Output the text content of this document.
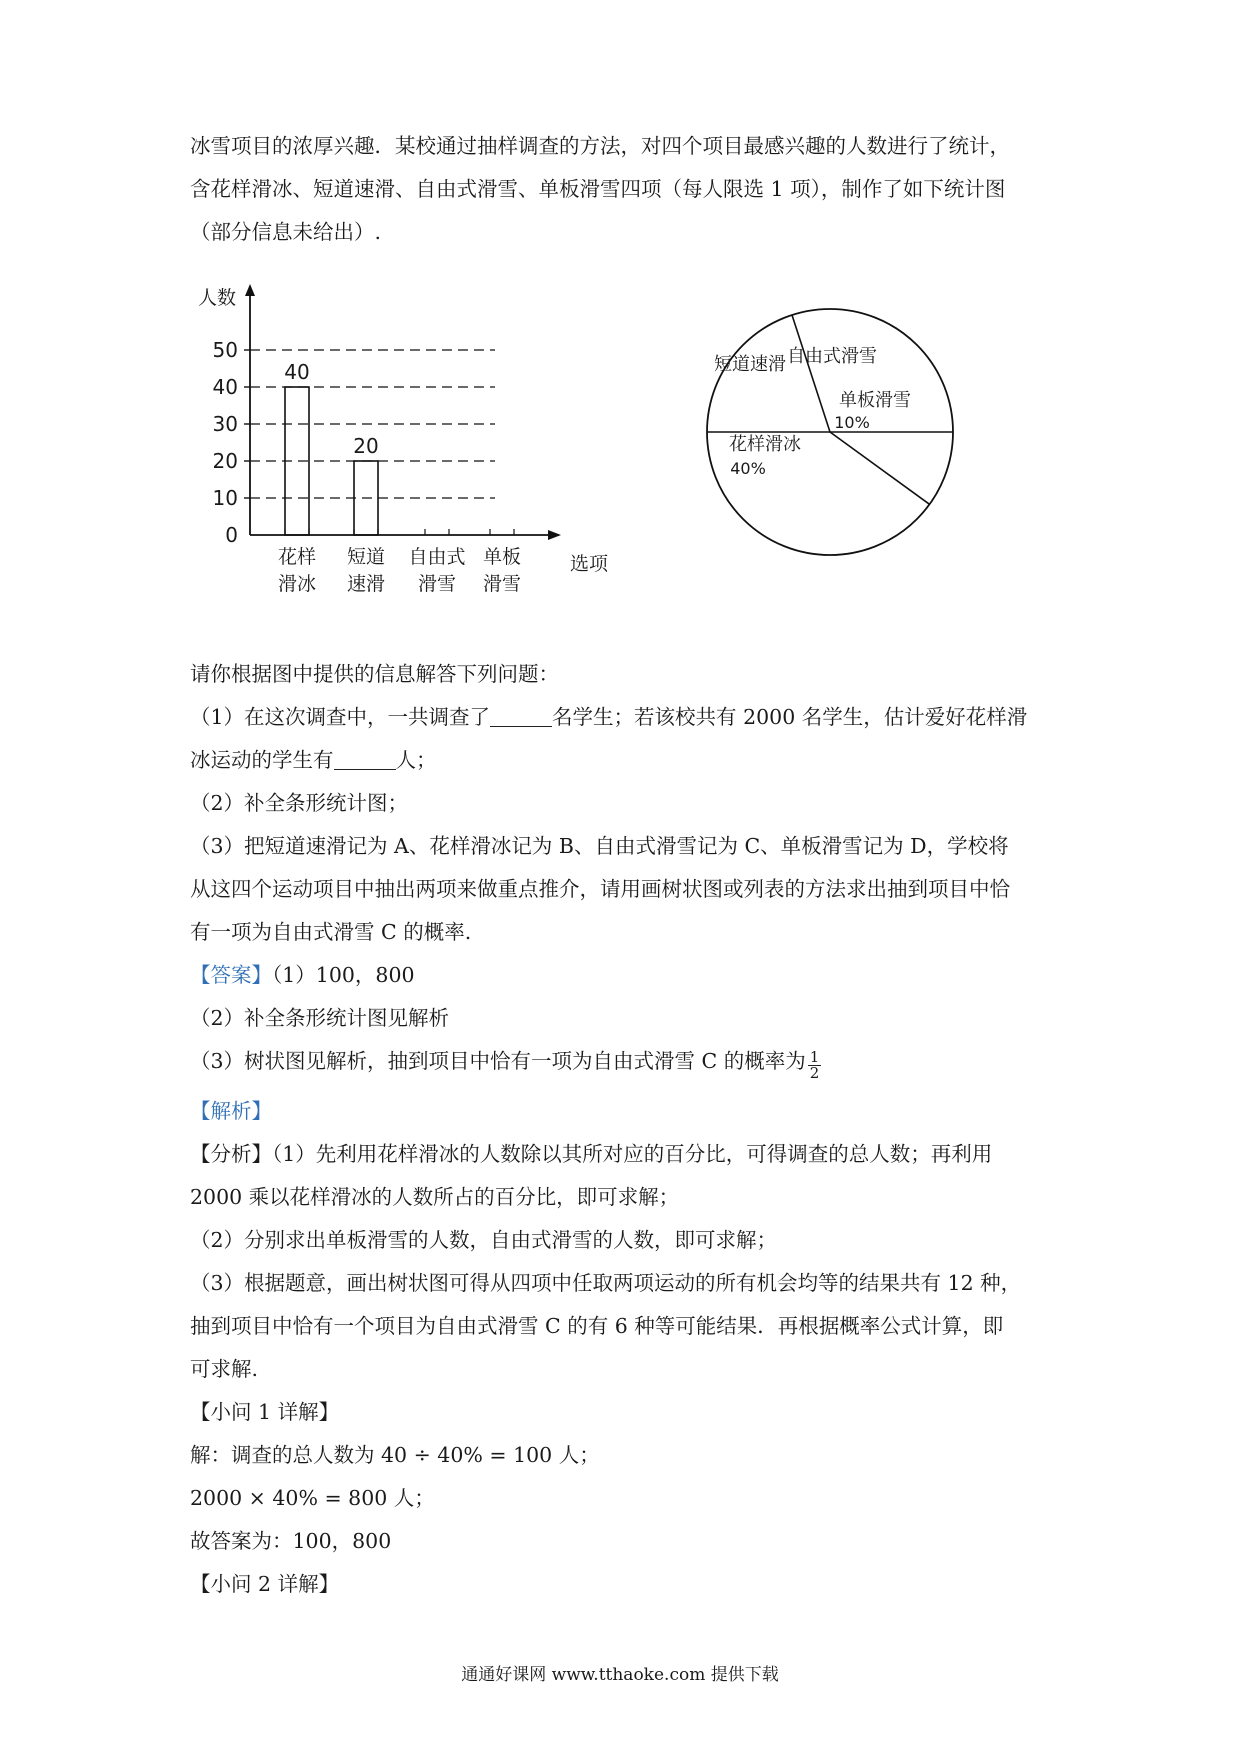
冰雪项目的浓厚兴趣．某校通过抽样调查的方法，对四个项目最感兴趣的人数进行了统计，
含花样滑冰、短道速滑、自由式滑雪、单板滑雪四项（每人限选 1 项），制作了如下统计图
（部分信息未给出）.
0
10
20
30
40
50
40
花样
滑冰
20
短道
速滑
自由式
滑雪
单板
滑雪
人数
选项
自由式滑雪
单板滑雪
10%
花样滑冰
40%
短道速滑
请你根据图中提供的信息解答下列问题：
（1）在这次调查中，一共调查了	名学生；若该校共有 2000 名学生，估计爱好花样滑
冰运动的学生有	人；
（2）补全条形统计图；
（3）把短道速滑记为 A、花样滑冰记为 B、自由式滑雪记为 C、单板滑雪记为 D，学校将
从这四个运动项目中抽出两项来做重点推介，请用画树状图或列表的方法求出抽到项目中恰
有一项为自由式滑雪 C 的概率.
【答案】（1）100，800
（2）补全条形统计图见解析
（3）树状图见解析，抽到项目中恰有一项为自由式滑雪 C 的概率为 $\frac{1}{2}$
【解析】
【分析】（1）先利用花样滑冰的人数除以其所对应的百分比，可得调查的总人数；再利用
2000 乘以花样滑冰的人数所占的百分比，即可求解；
（2）分别求出单板滑雪的人数，自由式滑雪的人数，即可求解；
（3）根据题意，画出树状图可得从四项中任取两项运动的所有机会均等的结果共有 12 种，
抽到项目中恰有一个项目为自由式滑雪 C 的有 6 种等可能结果．再根据概率公式计算，即
可求解.
【小问 1 详解】
解：调查的总人数为 40 ÷ 40% = 100 人；
2000 × 40% = 800 人；
故答案为：100，800
【小问 2 详解】
通通好课网 www.tthaoke.com 提供下载
